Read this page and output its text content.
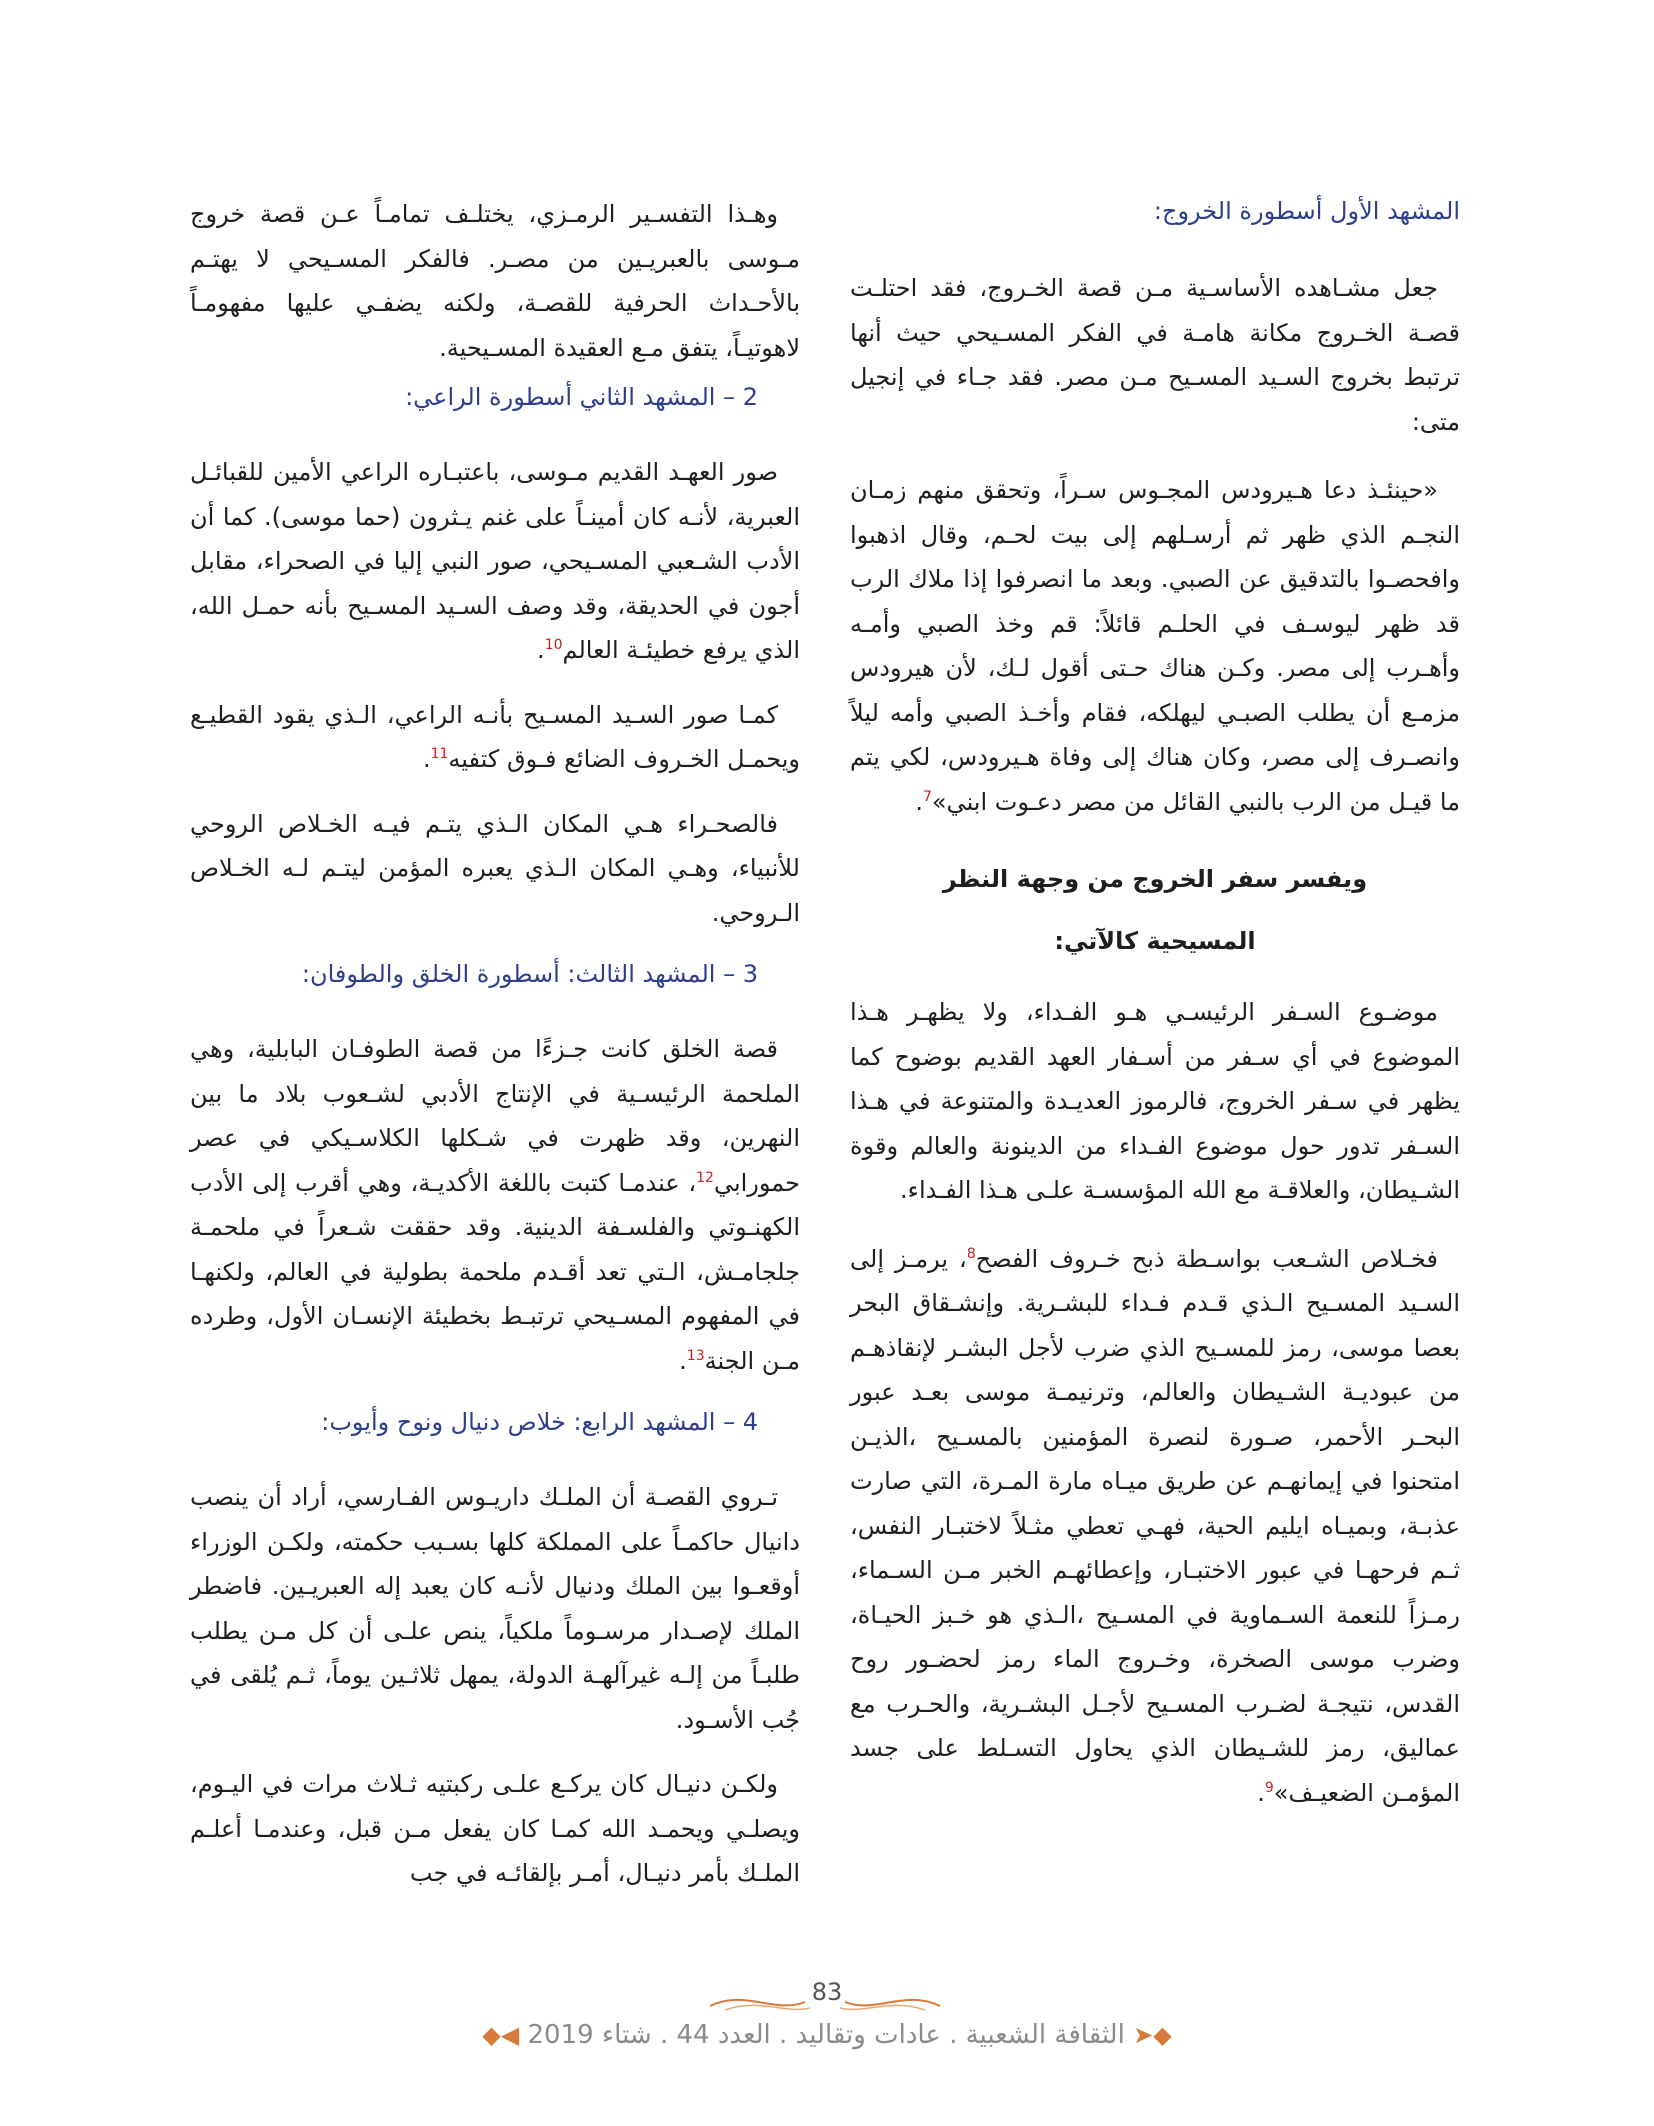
المشهد الأول أسطورة الخروج:

جعل مشـاهده الأساسـية مـن قصة الخـروج، فقد احتلـت قصـة الخـروج مكانة هامـة في الفكر المسـيحي حيث أنها ترتبط بخروج السـيد المسـيح مـن مصر. فقد جـاء في إنجيل متى:

«حينئـذ دعا هـيرودس المجـوس سـراً، وتحقق منهم زمـان النجـم الذي ظهر ثم أرسـلهم إلى بيت لحـم، وقال اذهبوا وافحصـوا بالتدقيق عن الصبي. وبعد ما انصرفوا إذا ملاك الرب قد ظهر ليوسـف في الحلـم قائلاً: قم وخذ الصبي وأمـه وأهـرب إلى مصر. وكـن هناك حـتى أقول لـك، لأن هيرودس مزمـع أن يطلب الصبـي ليهلكه، فقام وأخـذ الصبي وأمه ليلاً وانصـرف إلى مصر، وكان هناك إلى وفاة هـيرودس، لكي يتم ما قيـل من الرب بالنبي القائل من مصر دعـوت ابني»$^7$.

ويفسر سفر الخروج من وجهة النظر
المسيحية كالآتي:

موضـوع السـفر الرئيسـي هـو الفـداء، ولا يظهـر هـذا الموضوع في أي سـفر من أسـفار العهد القديم بوضوح كما يظهر في سـفر الخروج، فالرموز العديـدة والمتنوعة في هـذا السـفر تدور حول موضوع الفـداء من الدينونة والعالم وقوة الشـيطان، والعلاقـة مع الله المؤسسـة علـى هـذا الفـداء.

فخـلاص الشـعب بواسـطة ذبح خـروف الفصح$^8$، يرمـز إلى السـيد المسـيح الـذي قـدم فـداء للبشـرية. وإنشـقاق البحر بعصا موسى، رمز للمسـيح الذي ضرب لأجل البشـر لإنقاذهـم من عبوديـة الشـيطان والعالم، وترنيمـة موسى بعـد عبور البحـر الأحمر، صـورة لنصرة المؤمنين بالمسـيح ،الذيـن امتحنوا في إيمانهـم عن طريق ميـاه مارة المـرة، التي صارت عذبـة، وبميـاه ايليم الحية، فهـي تعطي مثـلاً لاختبـار النفس، ثـم فرحهـا في عبور الاختبـار، وإعطائهـم الخبر مـن السـماء، رمـزاً للنعمة السـماوية في المسـيح ،الـذي هو خـبز الحيـاة، وضرب موسى الصخرة، وخـروج الماء رمز لحضـور روح القدس، نتيجـة لضـرب المسـيح لأجـل البشـرية، والحـرب مع عماليق، رمز للشـيطان الذي يحاول التسـلط على جسد المؤمـن الضعيـف»$^9$.

وهـذا التفسـير الرمـزي، يختلـف تمامـاً عـن قصة خروج مـوسى بالعبريـين من مصـر. فالفكر المسـيحي لا يهتـم بالأحـداث الحرفية للقصـة، ولكنه يضفـي عليها مفهومـاً لاهوتيـاً، يتفق مـع العقيدة المسـيحية.

2 – المشهد الثاني أسطورة الراعي:

صور العهـد القديم مـوسى، باعتبـاره الراعي الأمين للقبائـل العبرية، لأنـه كان أمينـاً على غنم يـثرون (حما موسى). كما أن الأدب الشـعبي المسـيحي، صور النبي إليا في الصحراء، مقابل أجون في الحديقة، وقد وصف السـيد المسـيح بأنه حمـل الله، الذي يرفع خطيئـة العالم$^{10}$.

كمـا صور السـيد المسـيح بأنـه الراعي، الـذي يقود القطيـع ويحمـل الخـروف الضائع فـوق كتفيه$^{11}$.

فالصحـراء هـي المكان الـذي يتـم فيـه الخـلاص الروحي للأنبياء، وهـي المكان الـذي يعبره المؤمن ليتـم لـه الخـلاص الـروحي.

3 – المشهد الثالث: أسطورة الخلق والطوفان:

قصة الخلق كانت جـزءًا من قصة الطوفـان البابلية، وهي الملحمة الرئيسـية في الإنتاج الأدبي لشـعوب بلاد ما بين النهرين، وقد ظهرت في شـكلها الكلاسـيكي في عصر حمورابي$^{12}$، عندمـا كتبت باللغة الأكديـة، وهي أقرب إلى الأدب الكهنـوتي والفلسـفة الدينية. وقد حققت شـعراً في ملحمـة جلجامـش، الـتي تعد أقـدم ملحمة بطولية في العالم، ولكنهـا في المفهوم المسـيحي ترتبـط بخطيئة الإنسـان الأول، وطرده مـن الجنة$^{13}$.

4 – المشهد الرابع: خلاص دنيال ونوح وأيوب:

تـروي القصـة أن الملـك داريـوس الفـارسي، أراد أن ينصب دانيال حاكمـاً على المملكة كلها بسـبب حكمته، ولكـن الوزراء أوقعـوا بين الملك ودنيال لأنـه كان يعبد إله العبريـين. فاضطر الملك لإصـدار مرسـوماً ملكياً، ينص علـى أن كل مـن يطلب طلبـاً من إلـه غيرآلهـة الدولة، يمهل ثلاثـين يوماً، ثـم يُلقى في جُب الأسـود.

ولكـن دنيـال كان يركـع علـى ركبتيه ثـلاث مرات في اليـوم، ويصلـي ويحمـد الله كمـا كان يفعل مـن قبل، وعندمـا أعلـم الملـك بأمر دنيـال، أمـر بإلقائـه في جب

83
◆➤ الثقافة الشعبية . عادات وتقاليد . العدد 44 . شتاء 2019 ◀◆
